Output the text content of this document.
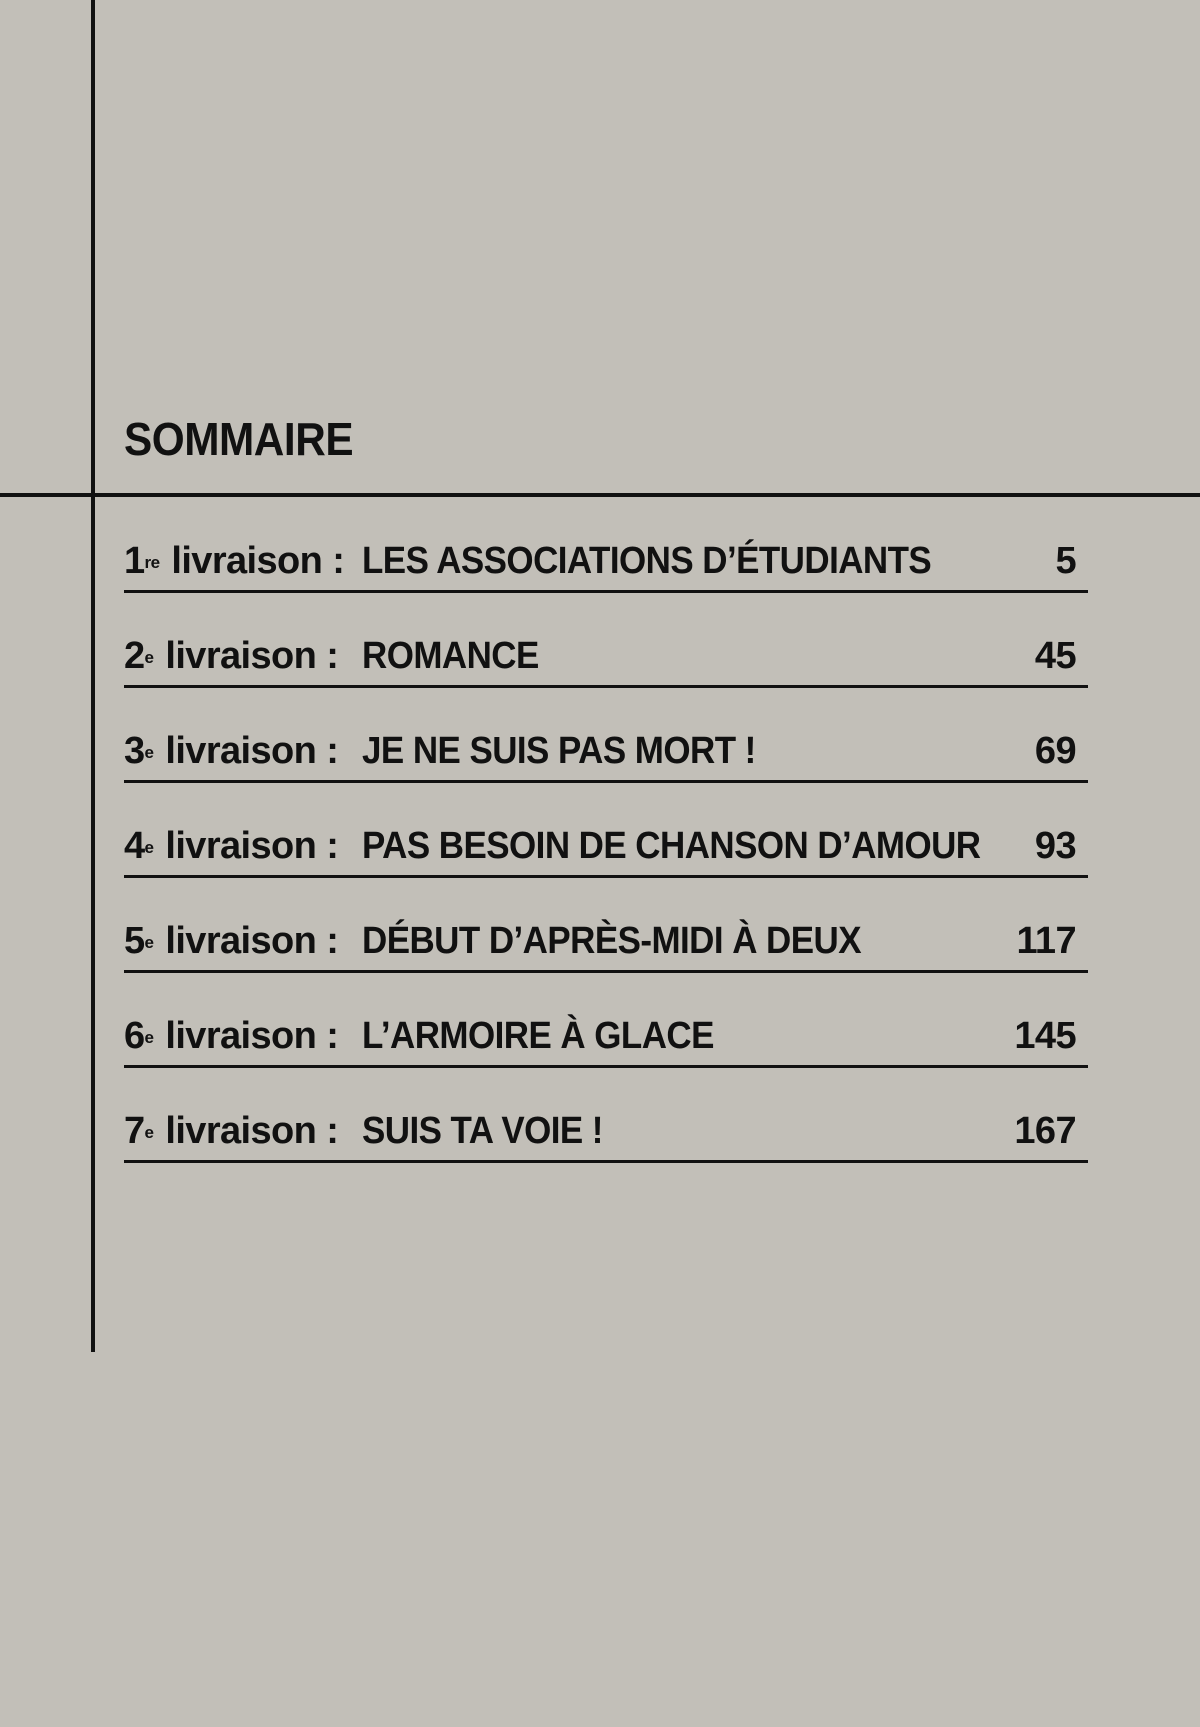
SOMMAIRE
1re livraison : LES ASSOCIATIONS D’ÉTUDIANTS	5
2e livraison : ROMANCE	45
3e livraison : JE NE SUIS PAS MORT !	69
4e livraison : PAS BESOIN DE CHANSON D’AMOUR 93
5e livraison : DÉBUT D’APRÈS-MIDI À DEUX	117
6e livraison : L’ARMOIRE À GLACE	145
7e livraison : SUIS TA VOIE !	167
